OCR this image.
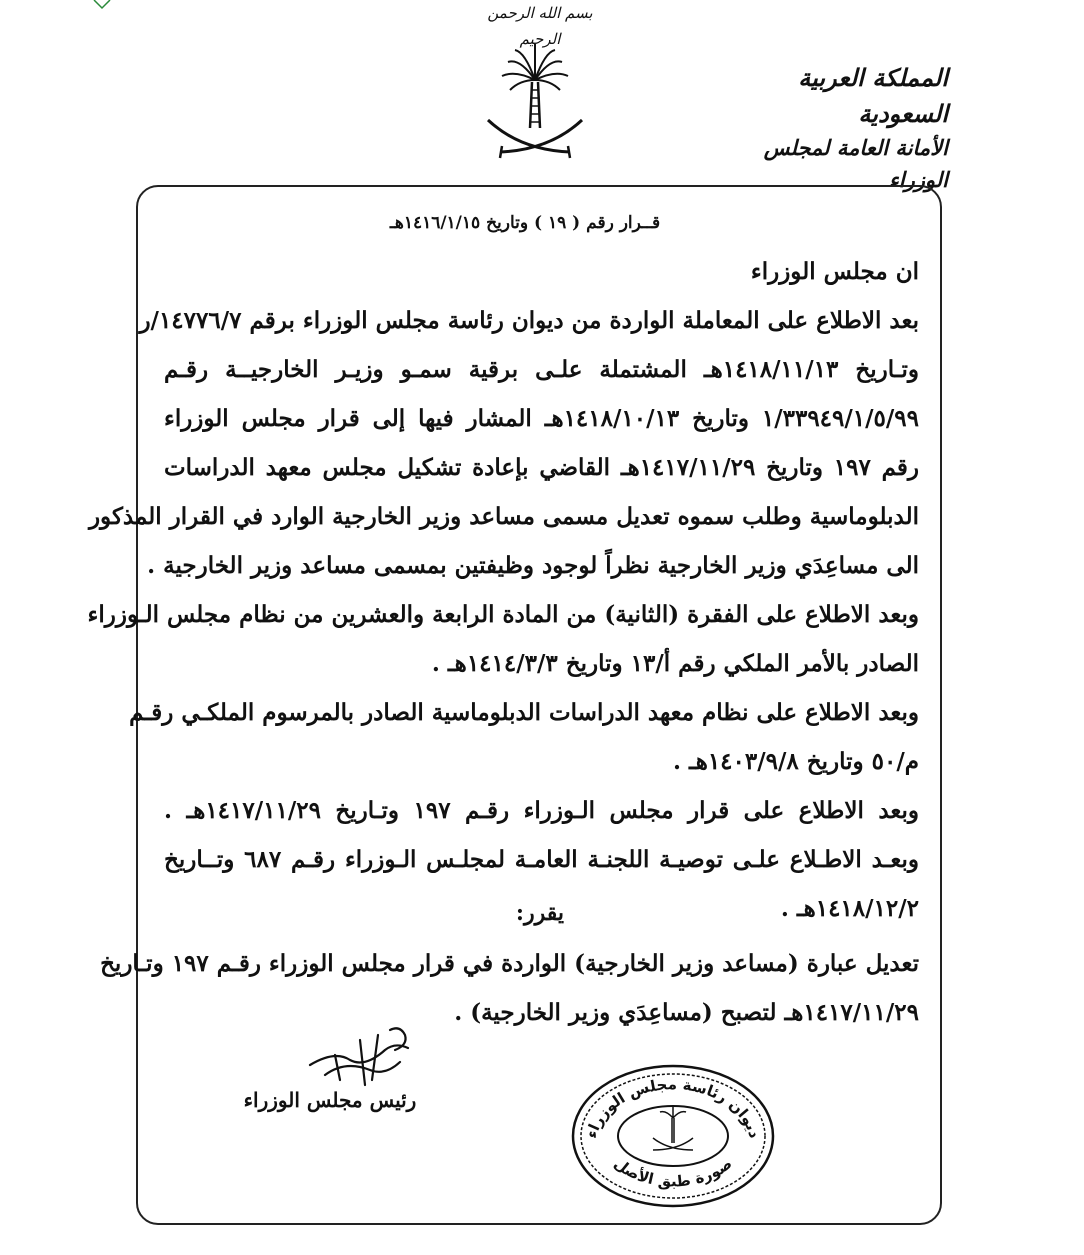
بسم الله الرحمن الرحيم
المملكة العربية السعودية
الأمانة العامة لمجلس الوزراء
قــرار رقم ( ١٩ ) وتاريخ ١٤١٦/١/١٥هـ
ان مجلس الوزراء
بعد الاطلاع على المعاملة الواردة من ديوان رئاسة مجلس الوزراء برقم ١٤٧٧٦/٧/ر
وتـاريخ ١٤١٨/١١/١٣هـ المشتملة علـى برقية سمـو وزيـر الخارجيــة رقـم
١/٣٣٩٤٩/١/٥/٩٩ وتاريخ ١٤١٨/١٠/١٣هـ المشار فيها إلى قرار مجلس الوزراء
رقم ١٩٧ وتاريخ ١٤١٧/١١/٢٩هـ القاضي بإعادة تشكيل مجلس معهد الدراسات
الدبلوماسية وطلب سموه تعديل مسمى مساعد وزير الخارجية الوارد في القرار المذكور
الى مساعِدَي وزير الخارجية نظراً لوجود وظيفتين بمسمى مساعد وزير الخارجية .
وبعد الاطلاع على الفقرة (الثانية) من المادة الرابعة والعشرين من نظام مجلس الـوزراء
الصادر بالأمر الملكي رقم أ/١٣ وتاريخ ١٤١٤/٣/٣هـ .
وبعد الاطلاع على نظام معهد الدراسات الدبلوماسية الصادر بالمرسوم الملكـي رقـم
م/٥٠ وتاريخ ١٤٠٣/٩/٨هـ .
وبعد الاطلاع على قرار مجلس الـوزراء رقـم ١٩٧ وتـاريخ ١٤١٧/١١/٢٩هـ .
وبعـد الاطـلاع علـى توصيـة اللجنـة العامـة لمجلـس الـوزراء رقـم ٦٨٧ وتــاريخ
١٤١٨/١٢/٢هـ .
يقرر:
تعديل عبارة (مساعد وزير الخارجية) الواردة في قرار مجلس الوزراء رقـم ١٩٧ وتـاريخ
١٤١٧/١١/٢٩هـ لتصبح (مساعِدَي وزير الخارجية) .
رئيس مجلس الوزراء
ديوان رئاسة مجلس الوزراء
صورة طبق الأصل
